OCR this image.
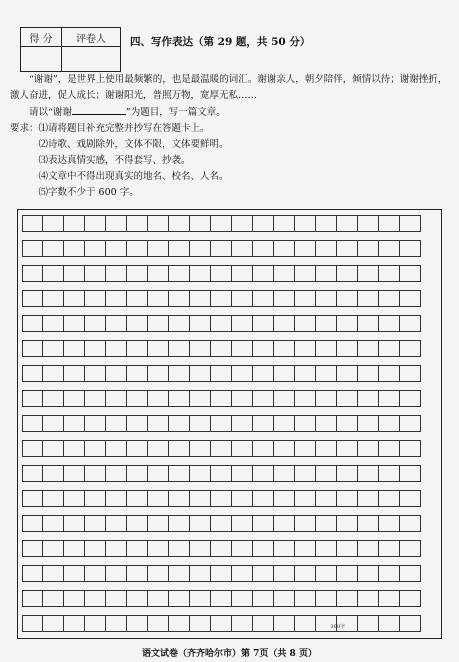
得 分	评卷人
	四、写作表达（第 29 题，共 50 分）

“谢谢”，是世界上使用最频繁的，也是最温暖的词汇。谢谢亲人，朝夕陪伴，倾情以待；谢谢挫折，激人奋进，促人成长；谢谢阳光，普照万物，宽厚无私……

请以“谢谢	”为题目，写一篇文章。

要求： ⑴请将题目补充完整并抄写在答题卡上。

⑵诗歌、戏剧除外，文体不限，文体要鲜明。

⑶表达真情实感，不得套写、抄袭。

⑷文章中不得出现真实的地名、校名、人名。

⑸字数不少于 600 字。

300字
语文试卷（齐齐哈尔市）第 7页（共 8 页）
